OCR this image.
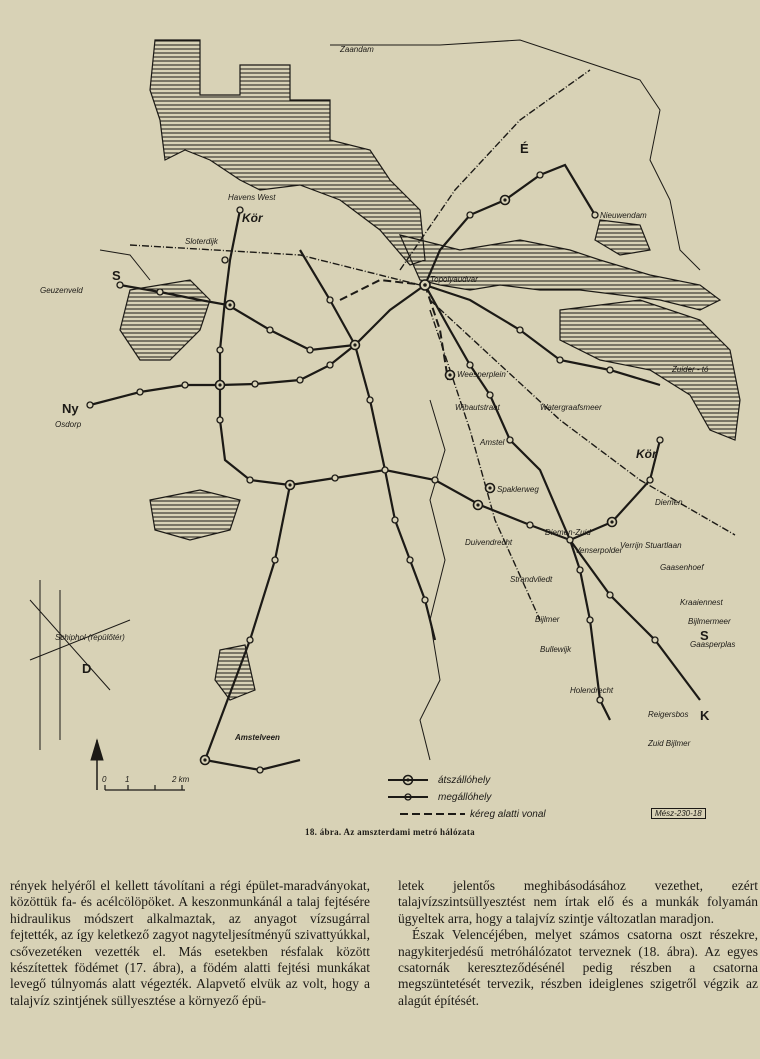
0 1	2 km	átszállóhely
megállóhely
kéreg alatti vonal
Zaandam
Havens West
Kör
Sloterdijk
Geuzenveld
Osdorp
Nieuwendam
Topolyaudvar
Zuider - tó
Weesperplein
Wibautstraat	Watergraafsmeer
Amstel
Spaklerweg
Kör
Diemen
Diemen-Zuid
Verrijn Stuartlaan
Venserpolder
Duivendrecht
Gaasenhoef
Strandvliedt
Kraaiennest
Bijlmer	Bijlmermeer
Gaasperplas
Bullewijk
Holendrecht
Reigersbos
Zuid Bijlmer
Amstelveen
Schiphol (repülőtér)
É
S
Ny
D
S
K
Mész-230-18
18. ábra. Az amszterdami metró hálózata

rények helyéről el kellett távolítani a régi épület-maradványokat, közöttük fa- és acélcölöpöket. A keszonmunkánál a talaj fejtésére hidraulikus módszert alkalmaztak, az anyagot vízsugárral fejtették, az így keletkező zagyot nagyteljesítményű szivattyúkkal, csővezetéken vezették el. Más esetekben résfalak között készítettek födémet (17. ábra), a födém alatti fejtési munkákat levegő túlnyomás alatt végezték. Alapvető elvük az volt, hogy a talajvíz szintjének süllyesztése a környező épü-

letek jelentős meghibásodásához vezethet, ezért talajvízszintsüllyesztést nem írtak elő és a munkák folyamán ügyeltek arra, hogy a talajvíz szintje változatlan maradjon.

Észak Velencéjében, melyet számos csatorna oszt részekre, nagykiterjedésű metróhálózatot terveznek (18. ábra). Az egyes csatornák kereszteződésénél pedig részben a csatorna megszüntetését tervezik, részben ideiglenes szigetről végzik az alagút építését.
